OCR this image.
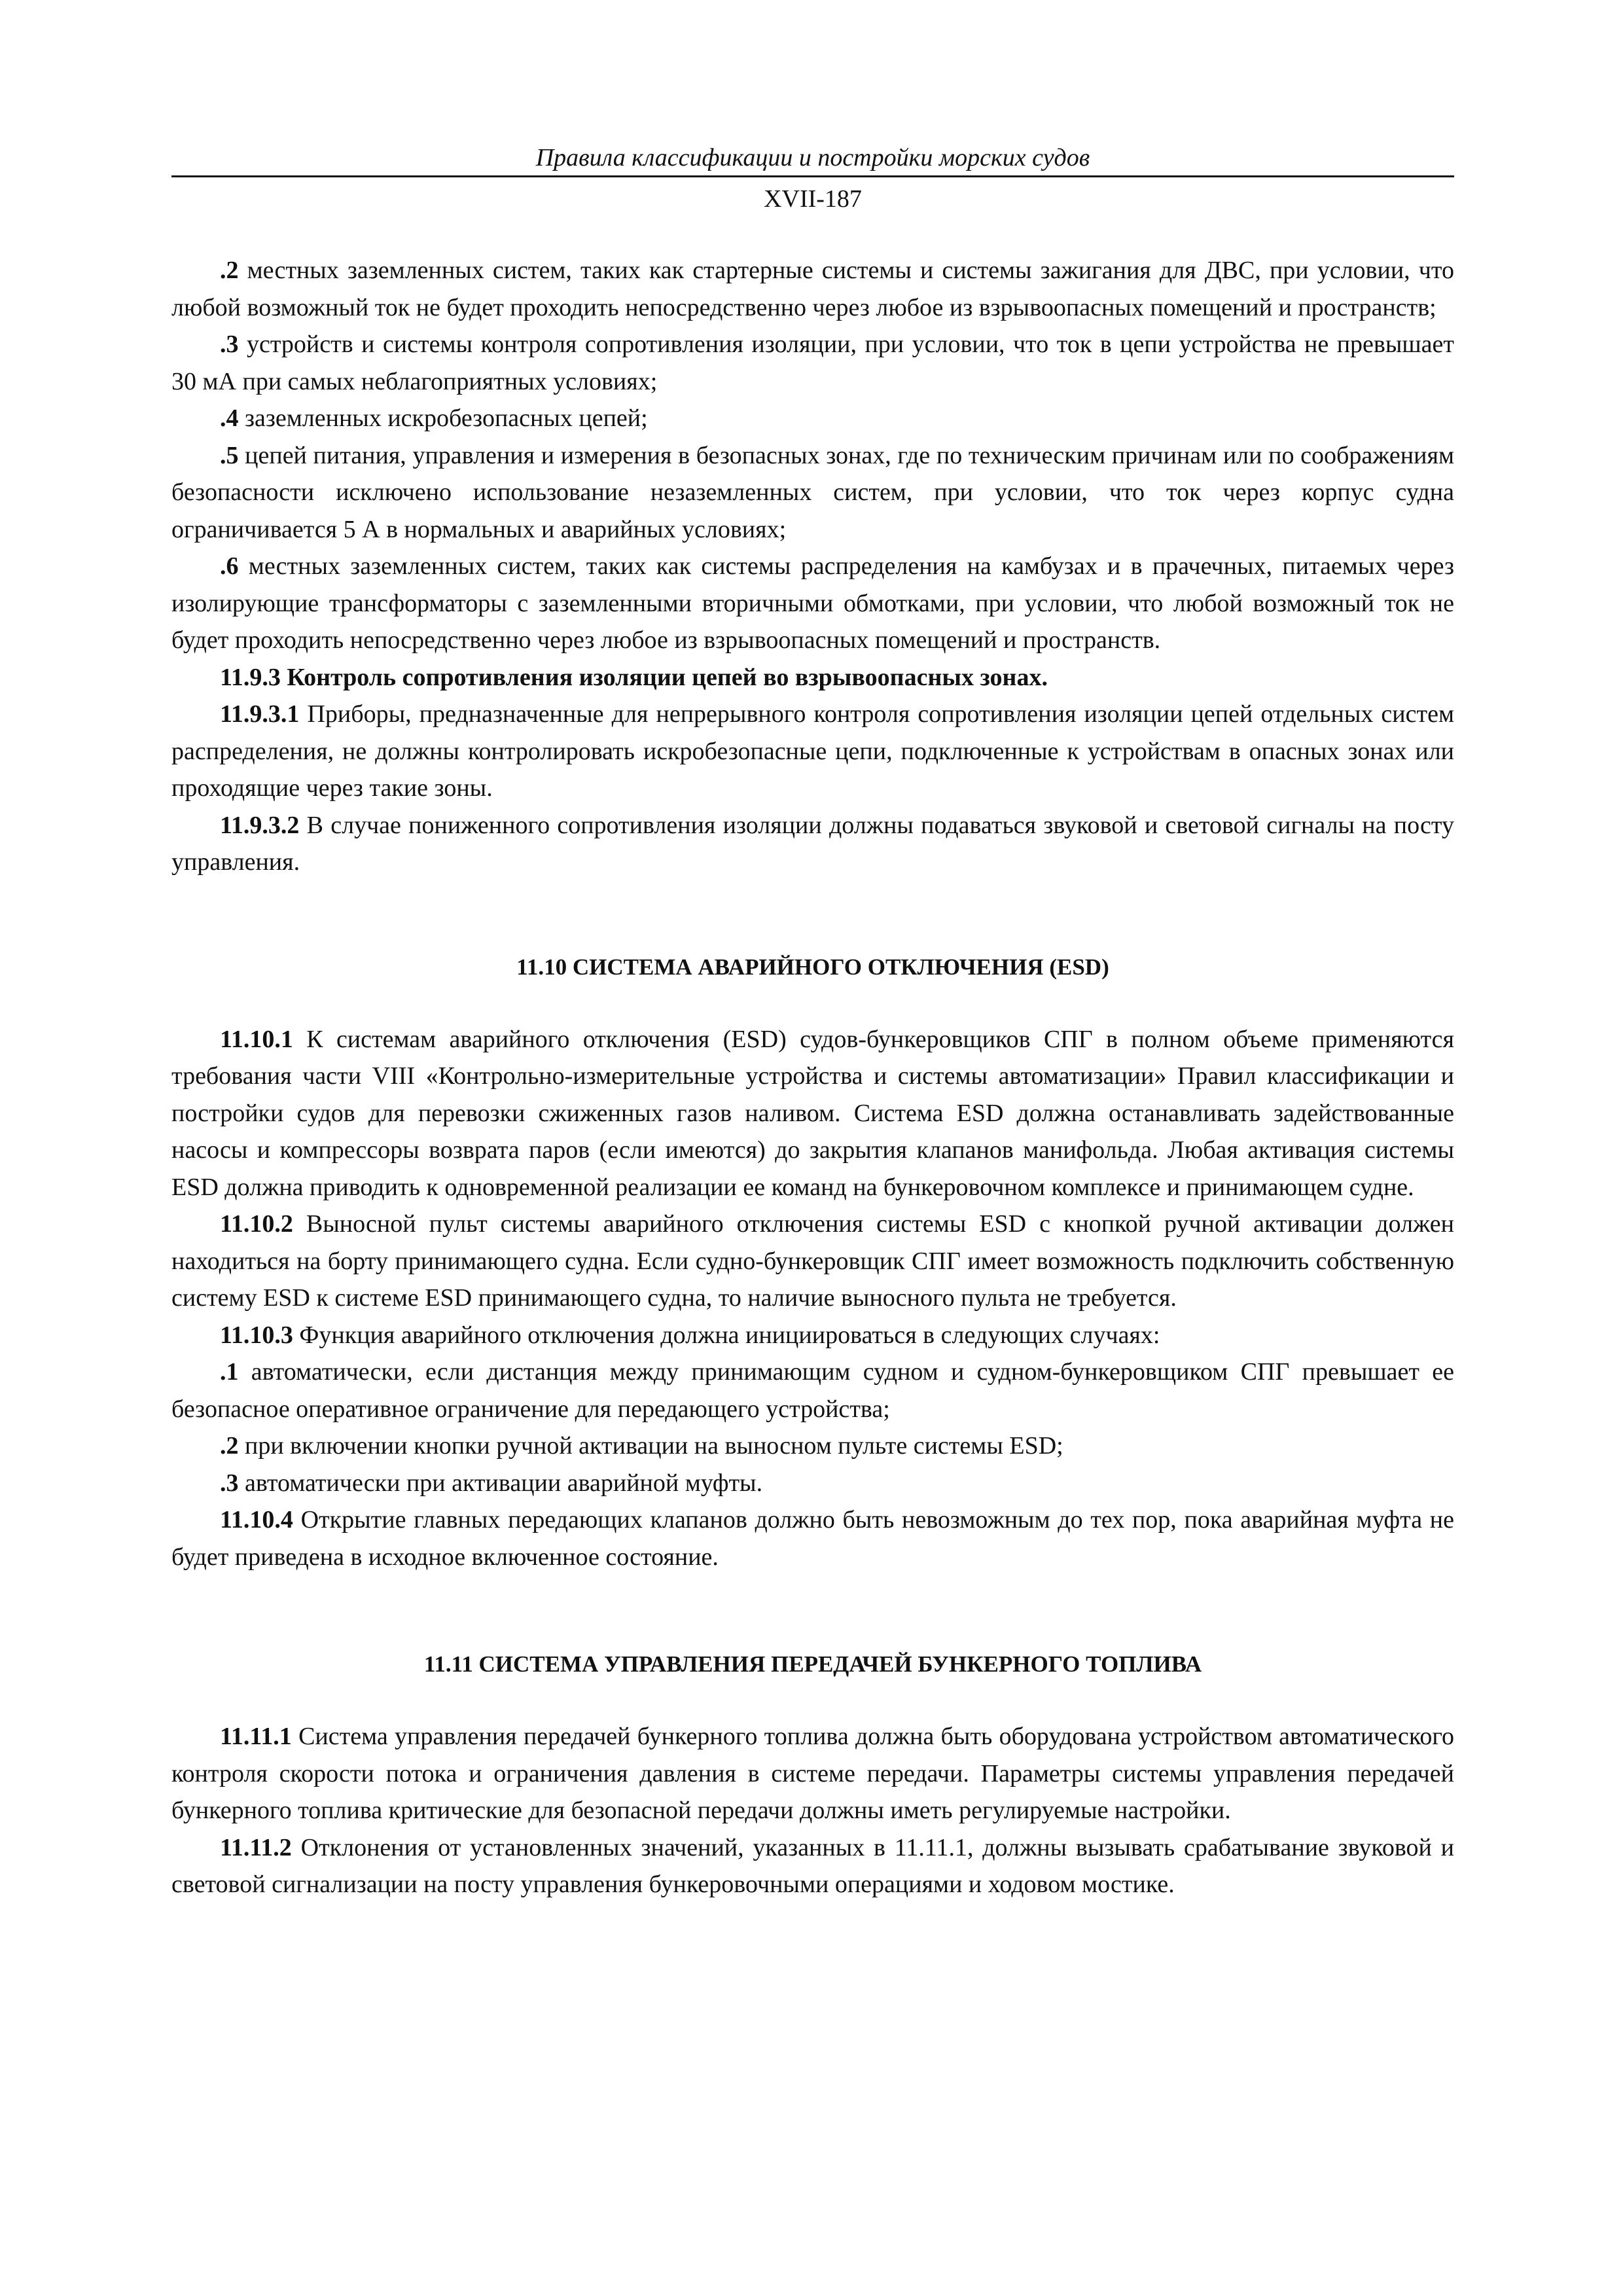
Правила классификации и постройки морских судов
XVII-187

.2 местных заземленных систем, таких как стартерные системы и системы зажигания для ДВС, при условии, что любой возможный ток не будет проходить непосредственно через любое из взрывоопасных помещений и пространств;

.3 устройств и системы контроля сопротивления изоляции, при условии, что ток в цепи устройства не превышает 30 мА при самых неблагоприятных условиях;

.4 заземленных искробезопасных цепей;

.5 цепей питания, управления и измерения в безопасных зонах, где по техническим причинам или по соображениям безопасности исключено использование незаземленных систем, при условии, что ток через корпус судна ограничивается 5 А в нормальных и аварийных условиях;

.6 местных заземленных систем, таких как системы распределения на камбузах и в прачечных, питаемых через изолирующие трансформаторы с заземленными вторичными обмотками, при условии, что любой возможный ток не будет проходить непосредственно через любое из взрывоопасных помещений и пространств.

11.9.3 Контроль сопротивления изоляции цепей во взрывоопасных зонах.

11.9.3.1 Приборы, предназначенные для непрерывного контроля сопротивления изоляции цепей отдельных систем распределения, не должны контролировать искробезопасные цепи, подключенные к устройствам в опасных зонах или проходящие через такие зоны.

11.9.3.2 В случае пониженного сопротивления изоляции должны подаваться звуковой и световой сигналы на посту управления.

11.10 СИСТЕМА АВАРИЙНОГО ОТКЛЮЧЕНИЯ (ESD)

11.10.1 К системам аварийного отключения (ESD) судов-бункеровщиков СПГ в полном объеме применяются требования части VIII «Контрольно-измерительные устройства и системы автоматизации» Правил классификации и постройки судов для перевозки сжиженных газов наливом. Система ESD должна останавливать задействованные насосы и компрессоры возврата паров (если имеются) до закрытия клапанов манифольда. Любая активация системы ESD должна приводить к одновременной реализации ее команд на бункеровочном комплексе и принимающем судне.

11.10.2 Выносной пульт системы аварийного отключения системы ESD с кнопкой ручной активации должен находиться на борту принимающего судна. Если судно-бункеровщик СПГ имеет возможность подключить собственную систему ESD к системе ESD принимающего судна, то наличие выносного пульта не требуется.

11.10.3 Функция аварийного отключения должна инициироваться в следующих случаях:

.1 автоматически, если дистанция между принимающим судном и судном-бункеровщиком СПГ превышает ее безопасное оперативное ограничение для передающего устройства;

.2 при включении кнопки ручной активации на выносном пульте системы ESD;

.3 автоматически при активации аварийной муфты.

11.10.4 Открытие главных передающих клапанов должно быть невозможным до тех пор, пока аварийная муфта не будет приведена в исходное включенное состояние.

11.11 СИСТЕМА УПРАВЛЕНИЯ ПЕРЕДАЧЕЙ БУНКЕРНОГО ТОПЛИВА

11.11.1 Система управления передачей бункерного топлива должна быть оборудована устройством автоматического контроля скорости потока и ограничения давления в системе передачи. Параметры системы управления передачей бункерного топлива критические для безопасной передачи должны иметь регулируемые настройки.

11.11.2 Отклонения от установленных значений, указанных в 11.11.1, должны вызывать срабатывание звуковой и световой сигнализации на посту управления бункеровочными операциями и ходовом мостике.
